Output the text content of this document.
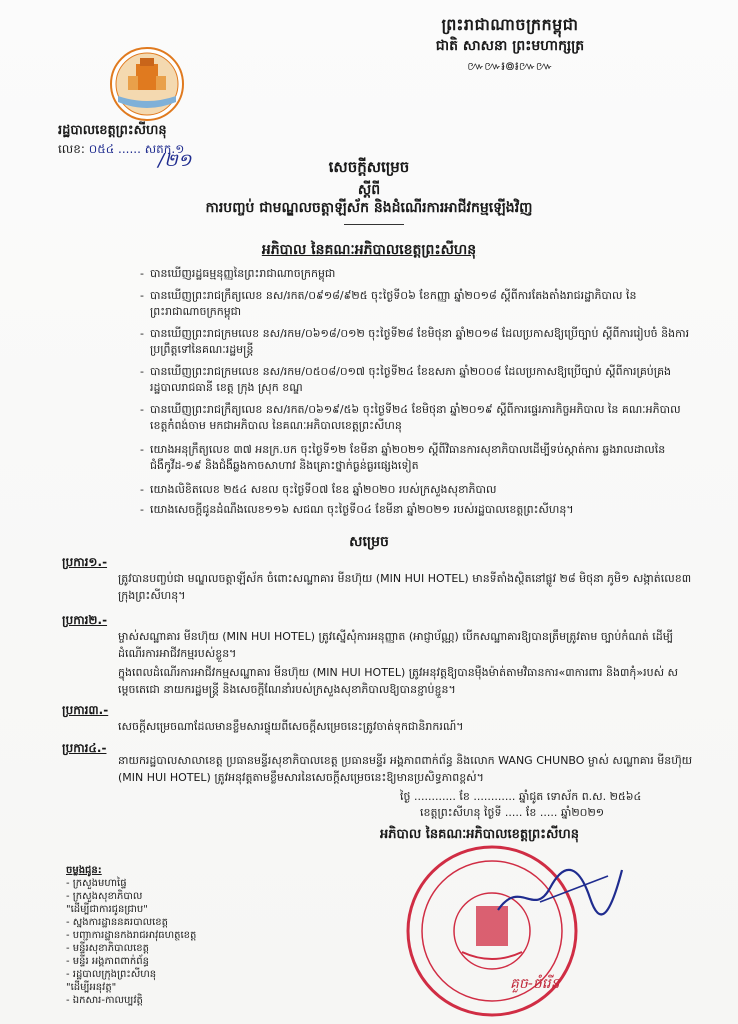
ព្រះរាជាណាចក្រកម្ពុជា
ជាតិ សាសនា ព្រះមហាក្សត្រ
៚៚៛៙៛៚៚
រដ្ឋបាលខេត្តព្រះសីហនុ
លេខ: ០៥៤ ...... សតក.១
/២១	សេចក្តីសម្រេច
ស្តីពី
ការបញ្ចប់ ជាមណ្ឌលចត្តាឡីស័ក និងដំណើរការអាជីវកម្មឡើងវិញ
អភិបាល នៃគណៈអភិបាលខេត្តព្រះសីហនុ
- បានឃើញរដ្ឋធម្មនុញ្ញនៃព្រះរាជាណាចក្រកម្ពុជា
- បានឃើញព្រះរាជក្រឹត្យលេខ នស/រកត/០៩១៨/៩២៥ ចុះថ្ងៃទី០៦ ខែកញ្ញា ឆ្នាំ២០១៨ ស្តីពីការតែងតាំងរាជរដ្ឋាភិបាល នៃព្រះរាជាណាចក្រកម្ពុជា
- បានឃើញព្រះរាជក្រមលេខ នស/រកម/០៦១៨/០១២ ចុះថ្ងៃទី២៨ ខែមិថុនា ឆ្នាំ២០១៨ ដែលប្រកាសឱ្យប្រើច្បាប់ ស្តីពីការរៀបចំ និងការប្រព្រឹត្តទៅនៃគណៈរដ្ឋមន្ត្រី
- បានឃើញព្រះរាជក្រមលេខ នស/រកម/០៥០៨/០១៧ ចុះថ្ងៃទី២៤ ខែឧសភា ឆ្នាំ២០០៨ ដែលប្រកាសឱ្យប្រើច្បាប់ ស្តីពីការគ្រប់គ្រងរដ្ឋបាលរាជធានី ខេត្ត ក្រុង ស្រុក ខណ្ឌ
- បានឃើញព្រះរាជក្រឹត្យលេខ នស/រកត/០៦១៩/៥៦ ចុះថ្ងៃទី២៤ ខែមិថុនា ឆ្នាំ២០១៩ ស្តីពីការផ្ទេរភារកិច្ចអភិបាល នៃ គណៈអភិបាលខេត្តកំពង់ចាម មកជាអភិបាល នៃគណៈអភិបាលខេត្តព្រះសីហនុ
- យោងអនុក្រឹត្យលេខ ៣៧ អនក្រ.បក ចុះថ្ងៃទី១២ ខែមីនា ឆ្នាំ២០២១ ស្តីពីវិធានការសុខាភិបាលដើម្បីទប់ស្កាត់ការ ឆ្លងរាលដាលនៃជំងឺកូវីដ-១៩ និងជំងឺឆ្លងកាចសាហាវ និងគ្រោះថ្នាក់ធ្ងន់ធ្ងរផ្សេងទៀត
- យោងលិខិតលេខ ២៥៤ សខល ចុះថ្ងៃទី០៧ ខែឧ ឆ្នាំ២០២០ របស់ក្រសួងសុខាភិបាល
- យោងសេចក្តីជូនដំណឹងលេខ១១៦ សជណ ចុះថ្ងៃទី០៤ ខែមីនា ឆ្នាំ២០២១ របស់រដ្ឋបាលខេត្តព្រះសីហនុ។
សម្រេច
ប្រការ១.-
ត្រូវបានបញ្ចប់ជា មណ្ឌលចត្តាឡីស័ក ចំពោះសណ្ឋាគារ មីនហ៊ុយ (MIN HUI HOTEL) មានទីតាំងស្ថិតនៅផ្លូវ ២៨ មិថុនា ភូមិ១ សង្កាត់លេខ៣ ក្រុងព្រះសីហនុ។
ប្រការ២.-
ម្ចាស់សណ្ឋាគារ មីនហ៊ុយ (MIN HUI HOTEL) ត្រូវស្នើសុំការអនុញ្ញាត (អាជ្ញាប័ណ្ណ) បើកសណ្ឋាគារឱ្យបានត្រឹមត្រូវតាម ច្បាប់កំណត់ ដើម្បីដំណើរការអាជីវកម្មរបស់ខ្លួន។
ក្នុងពេលដំណើរការអាជីវកម្មសណ្ឋាគារ មីនហ៊ុយ (MIN HUI HOTEL) ត្រូវអនុវត្តឱ្យបានម៉ឺងម៉ាត់តាមវិធានការ«៣ការពារ និង៣កុំ»របស់ សម្តេចតេជោ នាយករដ្ឋមន្ត្រី និងសេចក្តីណែនាំរបស់ក្រសួងសុខាភិបាលឱ្យបានខ្ជាប់ខ្ជួន។
ប្រការ៣.-
សេចក្តីសម្រេចណាដែលមានខ្លឹមសារផ្ទុយពីសេចក្តីសម្រេចនេះត្រូវចាត់ទុកជានិរាករណ៍។
ប្រការ៤.-
នាយករដ្ឋបាលសាលាខេត្ត ប្រធានមន្ទីរសុខាភិបាលខេត្ត ប្រធានមន្ទីរ អង្គភាពពាក់ព័ន្ធ និងលោក WANG CHUNBO ម្ចាស់ សណ្ឋាគារ មីនហ៊ុយ (MIN HUI HOTEL) ត្រូវអនុវត្តតាមខ្លឹមសារនៃសេចក្តីសម្រេចនេះឱ្យមានប្រសិទ្ធភាពខ្ពស់។
ថ្ងៃ ............ ខែ ............ ឆ្នាំជូត ទោស័ក ព.ស. ២៥៦៤
ខេត្តព្រះសីហនុ ថ្ងៃទី ..... ខែ ..... ឆ្នាំ២០២១
អភិបាល នៃគណៈអភិបាលខេត្តព្រះសីហនុ
គួច-ចំរើន
ចម្លងជូន:
- ក្រសួងមហាផ្ទៃ
- ក្រសួងសុខាភិបាល
"ដើម្បីជាការជូនជ្រាប"
- ស្នងការដ្ឋាននគរបាលខេត្ត
- បញ្ជាការដ្ឋានកងរាជអាវុធហត្ថខេត្ត
- មន្ទីរសុខាភិបាលខេត្ត
- មន្ទីរ អង្គភាពពាក់ព័ន្ធ
- រដ្ឋបាលក្រុងព្រះសីហនុ
"ដើម្បីអនុវត្ត"
- ឯកសារ-កាលប្បវត្តិ
